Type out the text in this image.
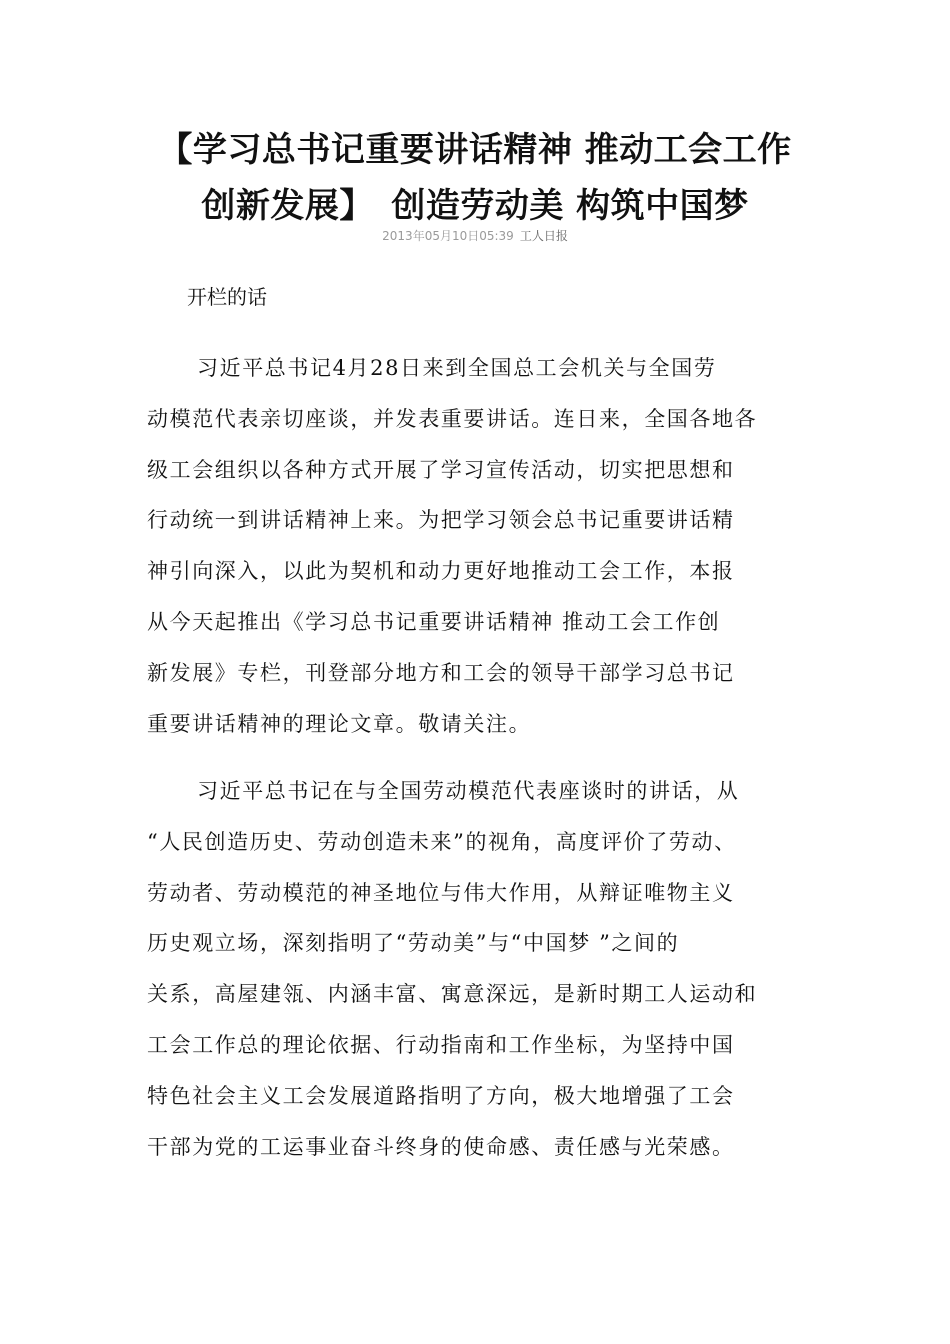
【学习总书记重要讲话精神 推动工会工作
创新发展】　创造劳动美 构筑中国梦
2013年05月10日05:39 工人日报

开栏的话

习近平总书记4月28日来到全国总工会机关与全国劳
动模范代表亲切座谈，并发表重要讲话。连日来，全国各地各
级工会组织以各种方式开展了学习宣传活动，切实把思想和
行动统一到讲话精神上来。为把学习领会总书记重要讲话精
神引向深入，以此为契机和动力更好地推动工会工作，本报
从今天起推出《学习总书记重要讲话精神 推动工会工作创
新发展》专栏，刊登部分地方和工会的领导干部学习总书记
重要讲话精神的理论文章。敬请关注。

习近平总书记在与全国劳动模范代表座谈时的讲话，从
“人民创造历史、劳动创造未来”的视角，高度评价了劳动、
劳动者、劳动模范的神圣地位与伟大作用，从辩证唯物主义
历史观立场，深刻指明了“劳动美”与“中国梦 ”之间的
关系，高屋建瓴、内涵丰富、寓意深远，是新时期工人运动和
工会工作总的理论依据、行动指南和工作坐标，为坚持中国
特色社会主义工会发展道路指明了方向，极大地增强了工会
干部为党的工运事业奋斗终身的使命感、责任感与光荣感。
